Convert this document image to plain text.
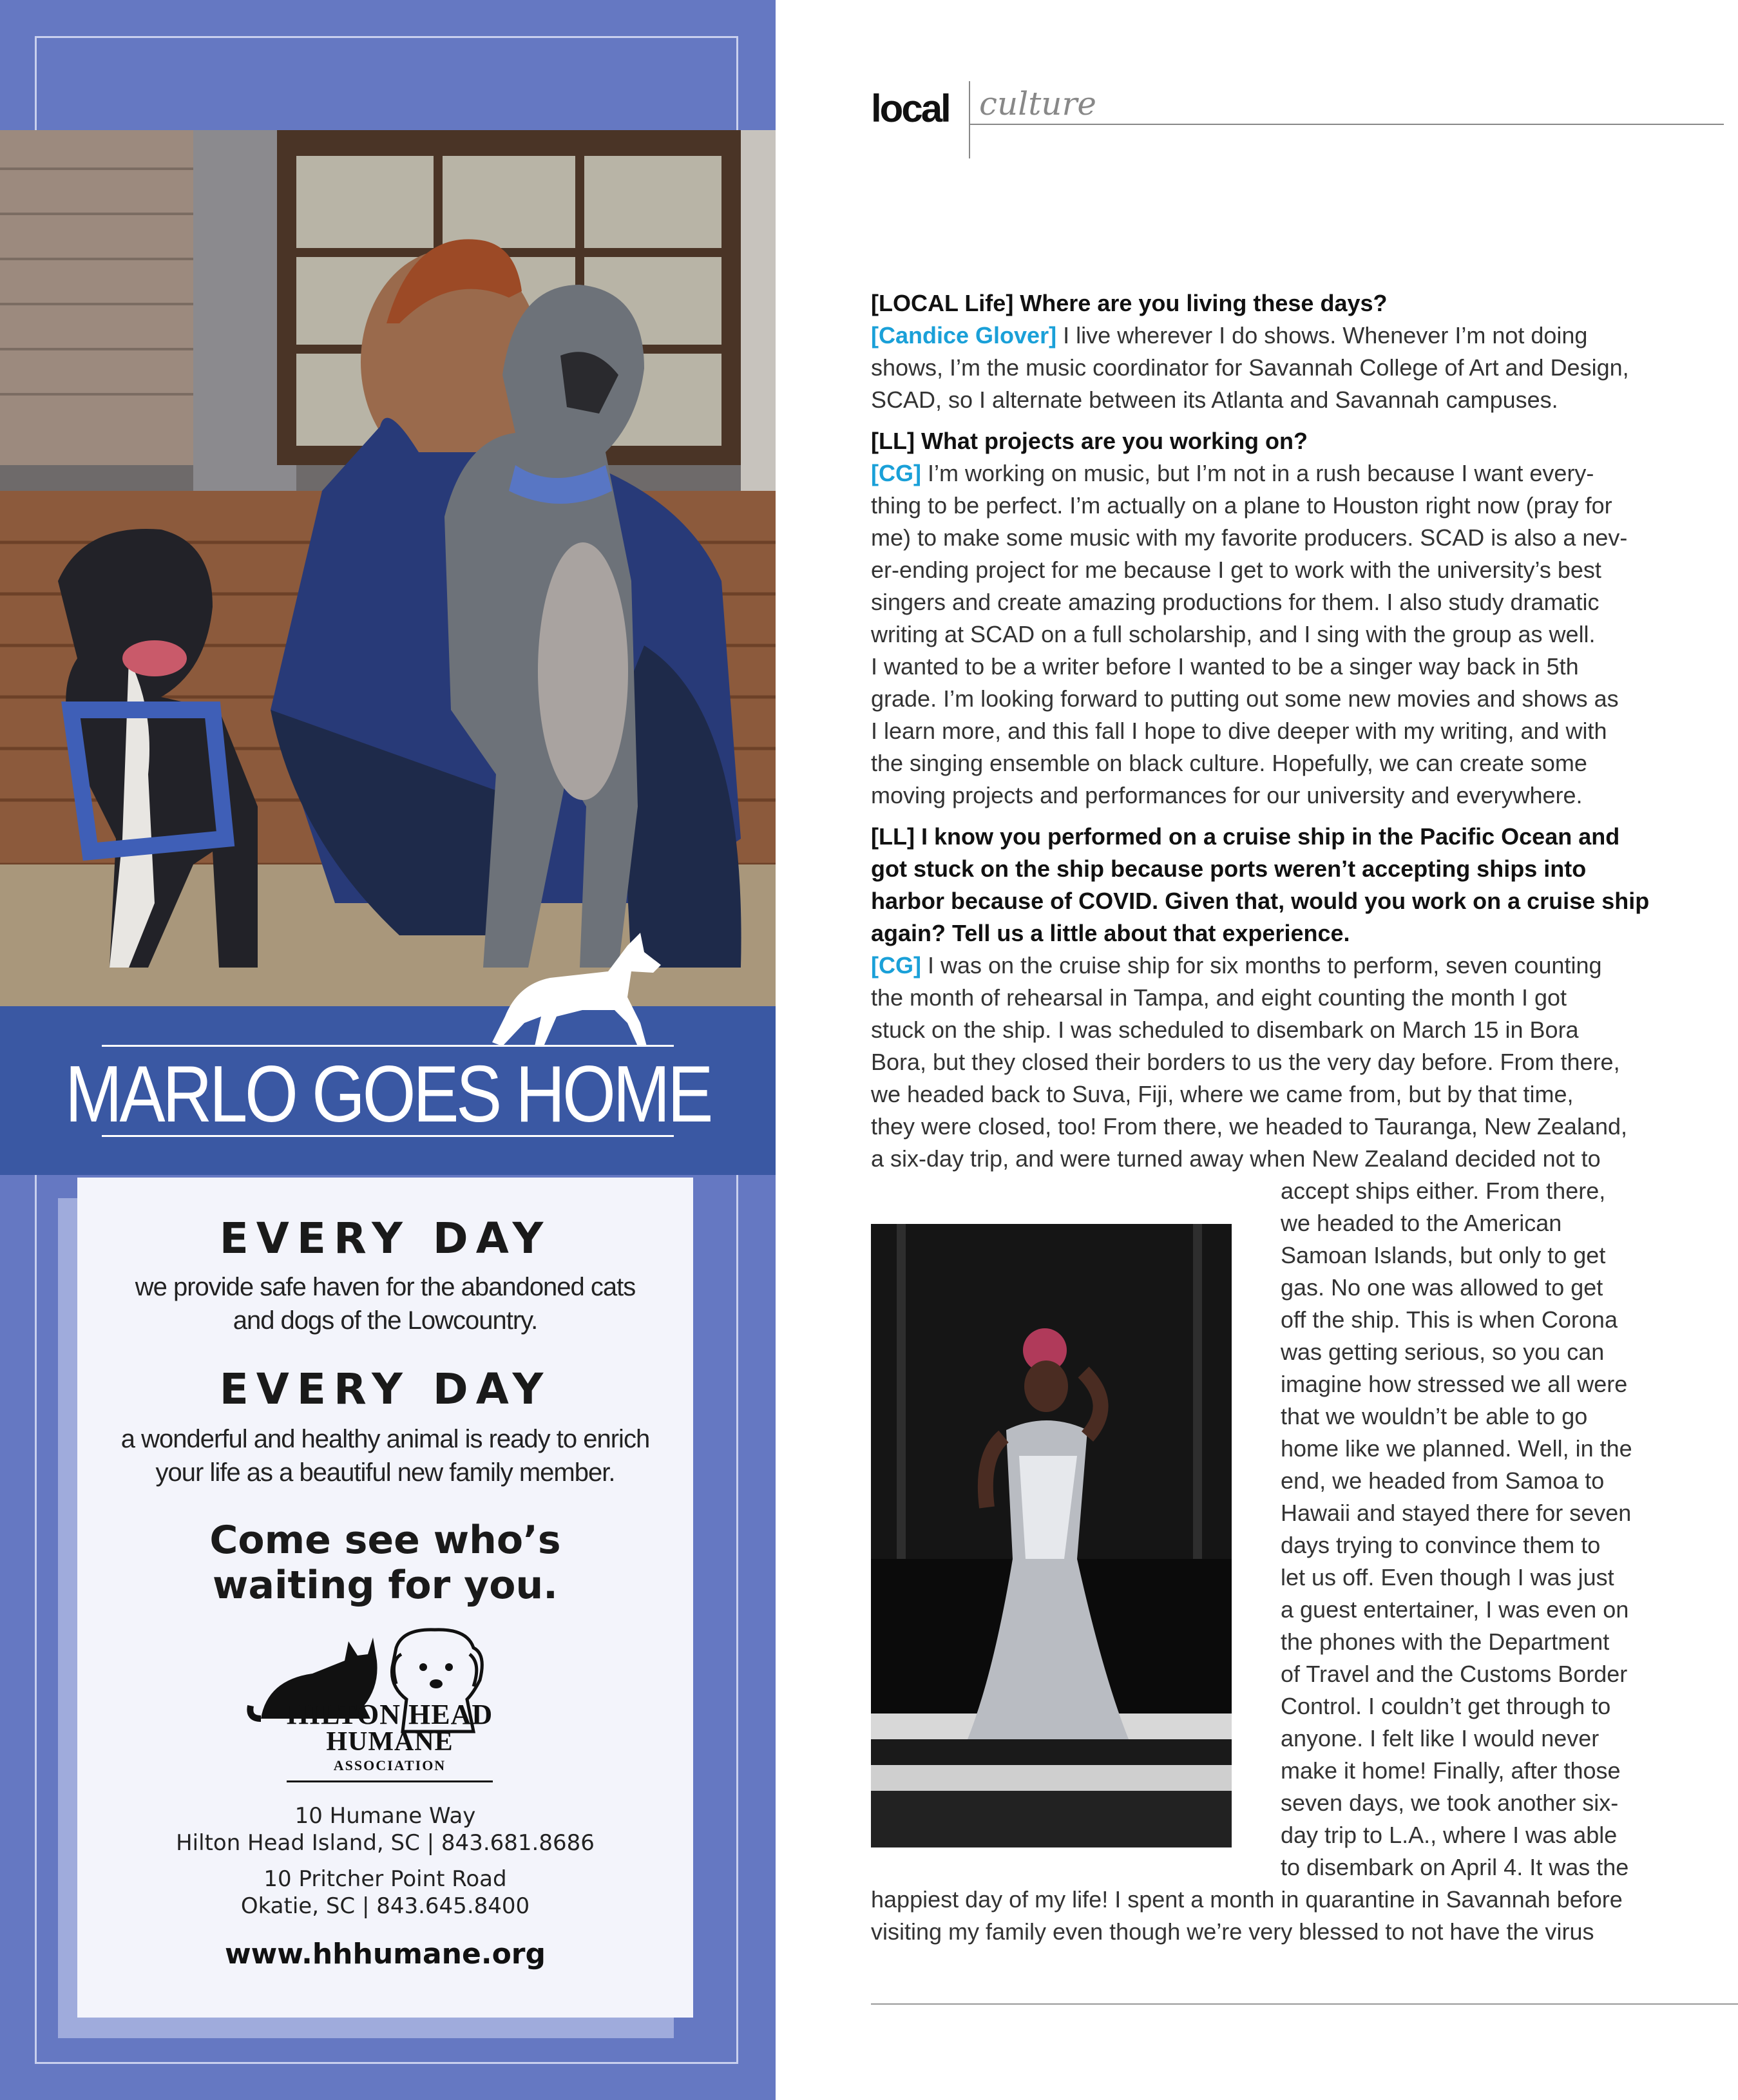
MARLO GOES HOME
EVERY DAY
we provide safe haven for the abandoned cats
and dogs of the Lowcountry.
EVERY DAY
a wonderful and healthy animal is ready to enrich
your life as a beautiful new family member.
Come see who’s
waiting for you.
HILTON HEAD
HUMANE
ASSOCIATION
10 Humane Way
Hilton Head Island, SC | 843.681.8686
10 Pritcher Point Road
Okatie, SC | 843.645.8400
www.hhhumane.org
local culture
[LOCAL Life] Where are you living these days?
[Candice Glover] I live wherever I do shows. Whenever I’m not doing
shows, I’m the music coordinator for Savannah College of Art and Design,
SCAD, so I alternate between its Atlanta and Savannah campuses.
[LL] What projects are you working on?
[CG] I’m working on music, but I’m not in a rush because I want every-
thing to be perfect. I’m actually on a plane to Houston right now (pray for
me) to make some music with my favorite producers. SCAD is also a nev-
er-ending project for me because I get to work with the university’s best
singers and create amazing productions for them. I also study dramatic
writing at SCAD on a full scholarship, and I sing with the group as well.
I wanted to be a writer before I wanted to be a singer way back in 5th
grade. I’m looking forward to putting out some new movies and shows as
I learn more, and this fall I hope to dive deeper with my writing, and with
the singing ensemble on black culture. Hopefully, we can create some
moving projects and performances for our university and everywhere.
[LL] I know you performed on a cruise ship in the Pacific Ocean and
got stuck on the ship because ports weren’t accepting ships into
harbor because of COVID. Given that, would you work on a cruise ship
again? Tell us a little about that experience.
[CG] I was on the cruise ship for six months to perform, seven counting
the month of rehearsal in Tampa, and eight counting the month I got
stuck on the ship. I was scheduled to disembark on March 15 in Bora
Bora, but they closed their borders to us the very day before. From there,
we headed back to Suva, Fiji, where we came from, but by that time,
they were closed, too! From there, we headed to Tauranga, New Zealand,
a six-day trip, and were turned away when New Zealand decided not to
accept ships either. From there,
we headed to the American
Samoan Islands, but only to get
gas. No one was allowed to get
off the ship. This is when Corona
was getting serious, so you can
imagine how stressed we all were
that we wouldn’t be able to go
home like we planned. Well, in the
end, we headed from Samoa to
Hawaii and stayed there for seven
days trying to convince them to
let us off. Even though I was just
a guest entertainer, I was even on
the phones with the Department
of Travel and the Customs Border
Control. I couldn’t get through to
anyone. I felt like I would never
make it home! Finally, after those
seven days, we took another six-
day trip to L.A., where I was able
to disembark on April 4. It was the
happiest day of my life! I spent a month in quarantine in Savannah before
visiting my family even though we’re very blessed to not have the virus
